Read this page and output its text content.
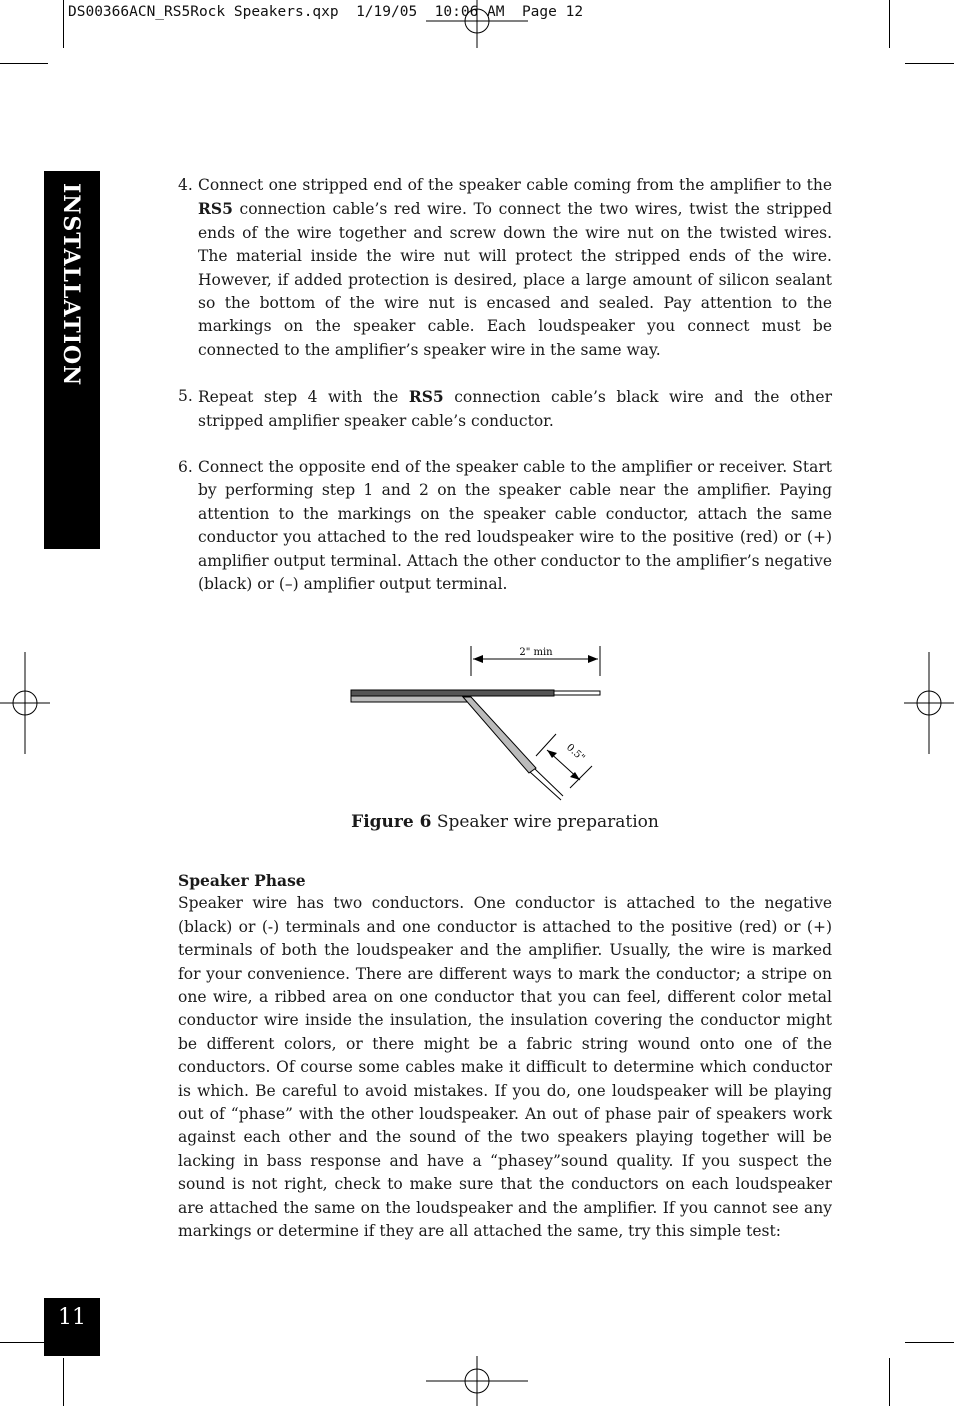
DS00366ACN_RS5Rock Speakers.qxp  1/19/05  10:06 AM  Page 12
INSTALLATION	4. Connect one stripped end of the speaker cable coming from the amplifier to the RS5 connection cable’s red wire. To connect the two wires, twist the stripped ends of the wire together and screw down the wire nut on the twisted wires. The material inside the wire nut will protect the stripped ends of the wire. However, if added protection is desired, place a large amount of silicon sealant so the bottom of the wire nut is encased and sealed. Pay attention to the markings on the speaker cable. Each loudspeaker you connect must be connected to the amplifier’s speaker wire in the same way.
5. Repeat step 4 with the RS5 connection cable’s black wire and the other stripped amplifier speaker cable’s conductor.
6. Connect the opposite end of the speaker cable to the amplifier or receiver. Start by performing step 1 and 2 on the speaker cable near the amplifier. Paying attention to the markings on the speaker cable conductor, attach the same conductor you attached to the red loudspeaker wire to the positive (red) or (+) amplifier output terminal. Attach the other conductor to the amplifier’s negative (black) or (–) amplifier output terminal.
2" min
0.5"
Figure 6 Speaker wire preparation
Speaker Phase

Speaker wire has two conductors. One conductor is attached to the negative (black) or (-) terminals and one conductor is attached to the positive (red) or (+) terminals of both the loudspeaker and the amplifier. Usually, the wire is marked for your convenience. There are different ways to mark the conductor; a stripe on one wire, a ribbed area on one conductor that you can feel, different color metal conductor wire inside the insulation, the insulation covering the conductor might be different colors, or there might be a fabric string wound onto one of the conductors. Of course some cables make it difficult to determine which conductor is which. Be careful to avoid mistakes. If you do, one loudspeaker will be playing out of “phase” with the other loudspeaker. An out of phase pair of speakers work against each other and the sound of the two speakers playing together will be lacking in bass response and have a “phasey”sound quality. If you suspect the sound is not right, check to make sure that the conductors on each loudspeaker are attached the same on the loudspeaker and the amplifier. If you cannot see any markings or determine if they are all attached the same, try this simple test:

11
